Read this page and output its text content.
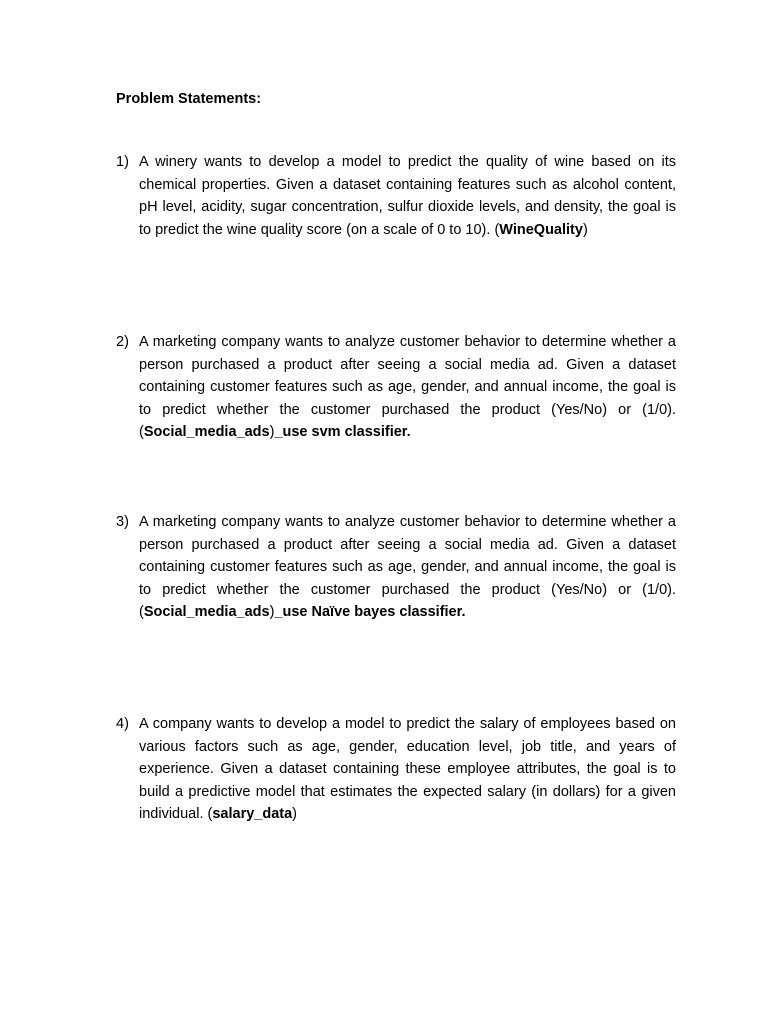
Problem Statements:

1) A winery wants to develop a model to predict the quality of wine based on its chemical properties. Given a dataset containing features such as alcohol content, pH level, acidity, sugar concentration, sulfur dioxide levels, and density, the goal is to predict the wine quality score (on a scale of 0 to 10). (WineQuality)
2) A marketing company wants to analyze customer behavior to determine whether a person purchased a product after seeing a social media ad. Given a dataset containing customer features such as age, gender, and annual income, the goal is to predict whether the customer purchased the product (Yes/No) or (1/0). (Social_media_ads)_use svm classifier.
3) A marketing company wants to analyze customer behavior to determine whether a person purchased a product after seeing a social media ad. Given a dataset containing customer features such as age, gender, and annual income, the goal is to predict whether the customer purchased the product (Yes/No) or (1/0). (Social_media_ads)_use Naïve bayes classifier.
4) A company wants to develop a model to predict the salary of employees based on various factors such as age, gender, education level, job title, and years of experience. Given a dataset containing these employee attributes, the goal is to build a predictive model that estimates the expected salary (in dollars) for a given individual. (salary_data)
